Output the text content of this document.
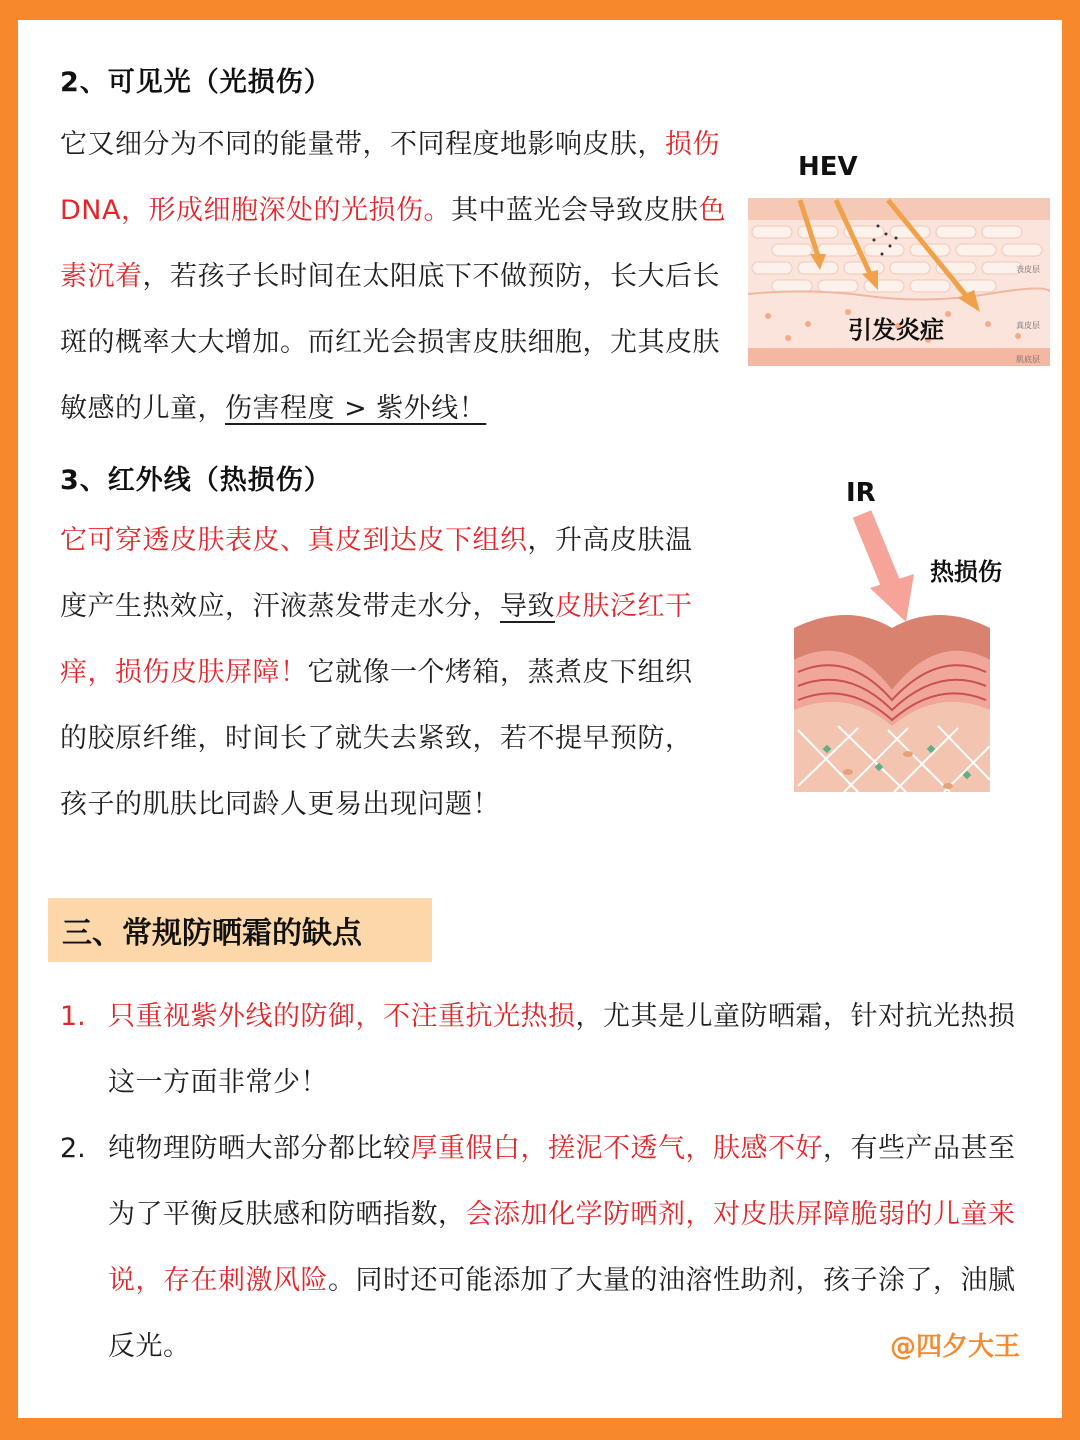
2、可见光（光损伤）

它又细分为不同的能量带，不同程度地影响皮肤，损伤DNA，形成细胞深处的光损伤。其中蓝光会导致皮肤色素沉着，若孩子长时间在太阳底下不做预防，长大后长斑的概率大大增加。而红光会损害皮肤细胞，尤其皮肤敏感的儿童，伤害程度 > 紫外线！

HEV
引发炎症
表皮层
真皮层
肌底层
3、红外线（热损伤）

它可穿透皮肤表皮、真皮到达皮下组织，升高皮肤温度产生热效应，汗液蒸发带走水分，导致皮肤泛红干痒，损伤皮肤屏障！它就像一个烤箱，蒸煮皮下组织的胶原纤维，时间长了就失去紧致，若不提早预防，孩子的肌肤比同龄人更易出现问题！

IR
热损伤
三、常规防晒霜的缺点
1. 只重视紫外线的防御，不注重抗光热损，尤其是儿童防晒霜，针对抗光热损这一方面非常少！

2. 纯物理防晒大部分都比较厚重假白，搓泥不透气，肤感不好，有些产品甚至为了平衡反肤感和防晒指数，会添加化学防晒剂，对皮肤屏障脆弱的儿童来说，存在刺激风险。同时还可能添加了大量的油溶性助剂，孩子涂了，油腻反光。	@四夕大王
